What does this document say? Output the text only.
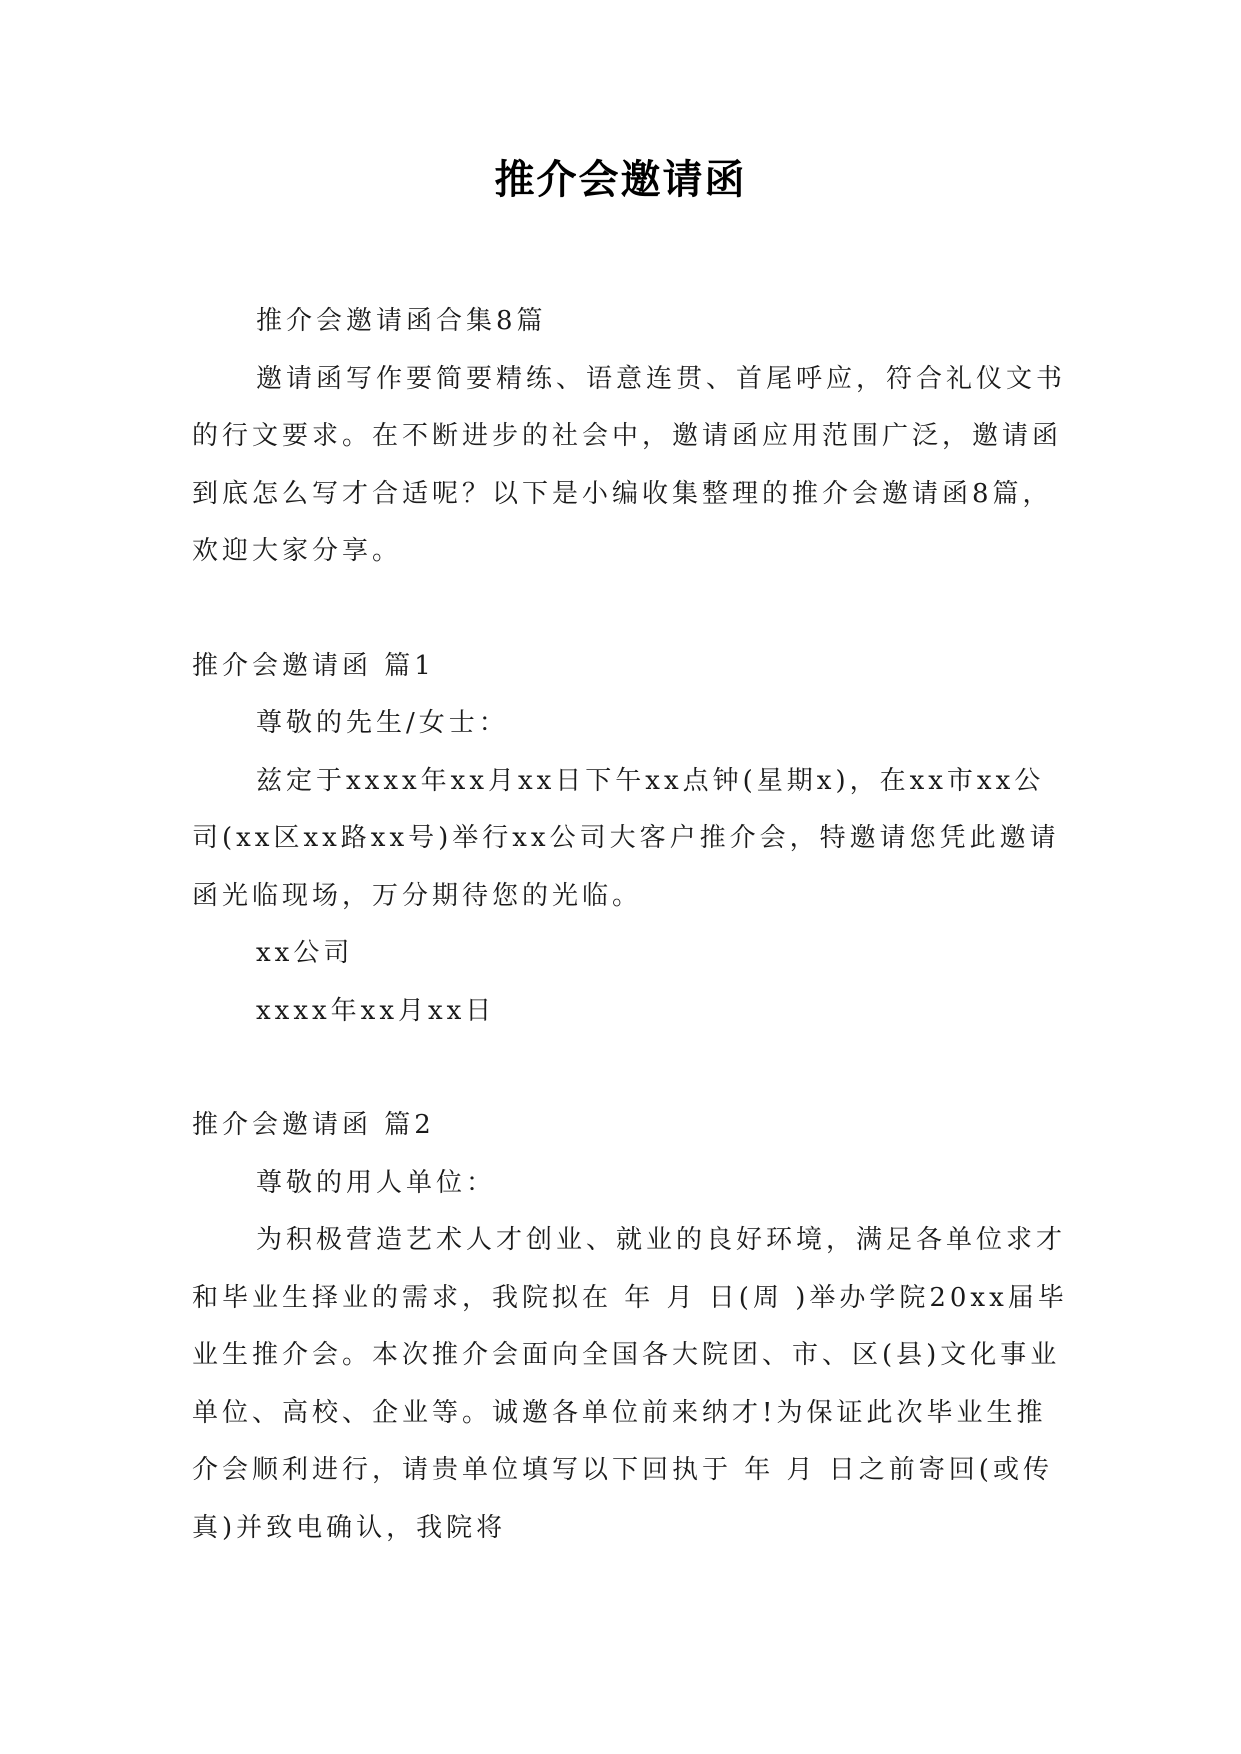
推介会邀请函

推介会邀请函合集8篇

邀请函写作要简要精练、语意连贯、首尾呼应，符合礼仪文书的行文要求。在不断进步的社会中，邀请函应用范围广泛，邀请函到底怎么写才合适呢？以下是小编收集整理的推介会邀请函8篇，欢迎大家分享。

推介会邀请函 篇1

尊敬的先生/女士：

兹定于xxxx年xx月xx日下午xx点钟(星期x)，在xx市xx公司(xx区xx路xx号)举行xx公司大客户推介会，特邀请您凭此邀请函光临现场，万分期待您的光临。

xx公司

xxxx年xx月xx日

推介会邀请函 篇2

尊敬的用人单位：

为积极营造艺术人才创业、就业的良好环境，满足各单位求才和毕业生择业的需求，我院拟在 年 月 日(周 )举办学院20xx届毕业生推介会。本次推介会面向全国各大院团、市、区(县)文化事业单位、高校、企业等。诚邀各单位前来纳才!为保证此次毕业生推介会顺利进行，请贵单位填写以下回执于 年 月 日之前寄回(或传真)并致电确认，我院将
